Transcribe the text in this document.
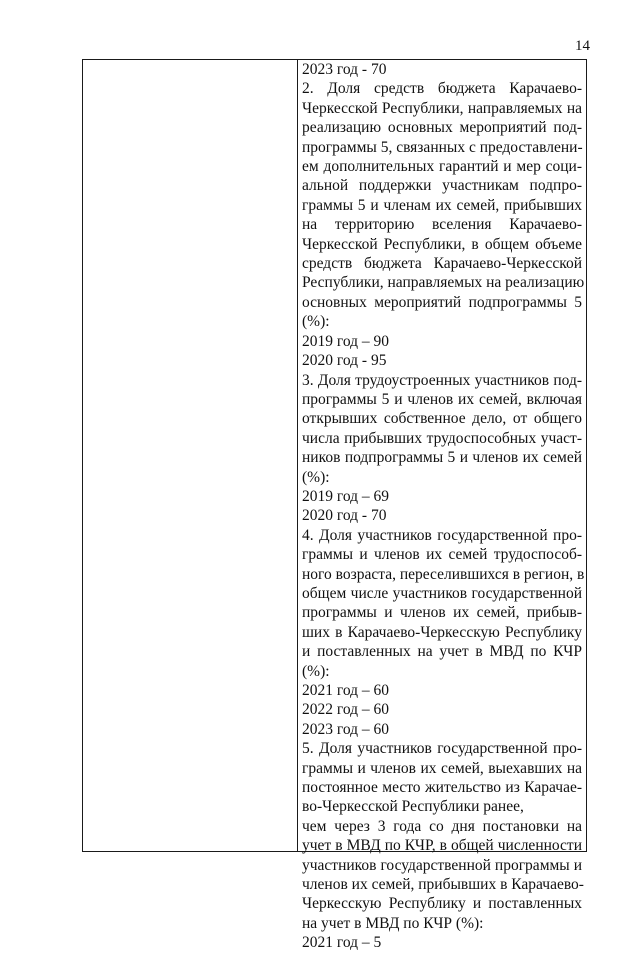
14
2023 год - 70
2. Доля средств бюджета Карачаево-
Черкесской Республики, направляемых на
реализацию основных мероприятий под-
программы 5, связанных с предоставлени-
ем дополнительных гарантий и мер соци-
альной поддержки участникам подпро-
граммы 5 и членам их семей, прибывших
на территорию вселения Карачаево-
Черкесской Республики, в общем объеме
средств бюджета Карачаево-Черкесской
Республики, направляемых на реализацию
основных мероприятий подпрограммы 5
(%):
2019 год – 90
2020 год - 95
3. Доля трудоустроенных участников под-
программы 5 и членов их семей, включая
открывших собственное дело, от общего
числа прибывших трудоспособных участ-
ников подпрограммы 5 и членов их семей
(%):
2019 год – 69
2020 год - 70
4. Доля участников государственной про-
граммы и членов их семей трудоспособ-
ного возраста, переселившихся в регион, в
общем числе участников государственной
программы и членов их семей, прибыв-
ших в Карачаево-Черкесскую Республику
и поставленных на учет в МВД по КЧР
(%):
2021 год – 60
2022 год – 60
2023 год – 60
5. Доля участников государственной про-
граммы и членов их семей, выехавших на
постоянное место жительство из Карачае-
во-Черкесской Республики ранее,
чем через 3 года со дня постановки на
учет в МВД по КЧР, в общей численности
участников государственной программы и
членов их семей, прибывших в Карачаево-
Черкесскую Республику и поставленных
на учет в МВД по КЧР (%):
2021 год – 5
